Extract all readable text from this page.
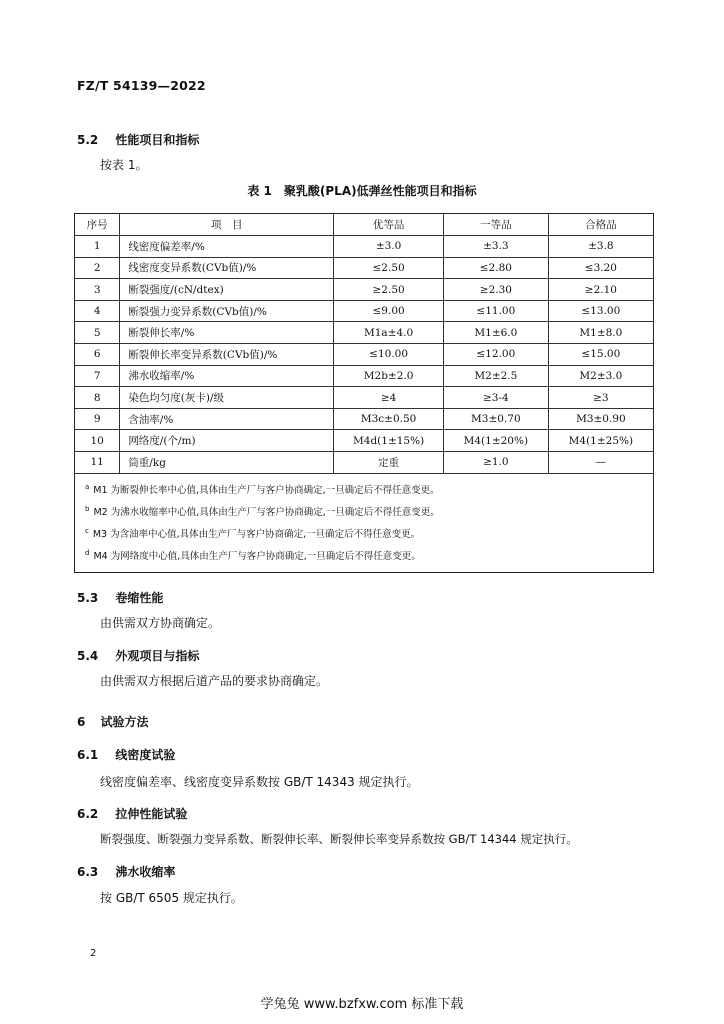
FZ/T 54139—2022
5.2 性能项目和指标
按表 1。
表 1 聚乳酸(PLA)低弹丝性能项目和指标
序号	项　目	优等品	一等品	合格品
1	线密度偏差率/%	±3.0	±3.3	±3.8
2	线密度变异系数(CVb值)/%	≤2.50	≤2.80	≤3.20
3	断裂强度/(cN/dtex)	≥2.50	≥2.30	≥2.10
4	断裂强力变异系数(CVb值)/%	≤9.00	≤11.00	≤13.00
5	断裂伸长率/%	M1a±4.0	M1±6.0	M1±8.0
6	断裂伸长率变异系数(CVb值)/%	≤10.00	≤12.00	≤15.00
7	沸水收缩率/%	M2b±2.0	M2±2.5	M2±3.0
8	染色均匀度(灰卡)/级	≥4	≥3-4	≥3
9	含油率/%	M3c±0.50	M3±0.70	M3±0.90
10	网络度/(个/m)	M4d(1±15%)	M4(1±20%)	M4(1±25%)
11	筒重/kg	定重	≥1.0	—

$^a$ M1 为断裂伸长率中心值,具体由生产厂与客户协商确定,一旦确定后不得任意变更。
$^b$ M2 为沸水收缩率中心值,具体由生产厂与客户协商确定,一旦确定后不得任意变更。
$^c$ M3 为含油率中心值,具体由生产厂与客户协商确定,一旦确定后不得任意变更。
$^d$ M4 为网络度中心值,具体由生产厂与客户协商确定,一旦确定后不得任意变更。				
5.3 卷缩性能
由供需双方协商确定。
5.4 外观项目与指标
由供需双方根据后道产品的要求协商确定。
6 试验方法
6.1 线密度试验
线密度偏差率、线密度变异系数按 GB/T 14343 规定执行。
6.2 拉伸性能试验
断裂强度、断裂强力变异系数、断裂伸长率、断裂伸长率变异系数按 GB/T 14344 规定执行。
6.3 沸水收缩率
按 GB/T 6505 规定执行。
2
学兔兔 www.bzfxw.com 标准下载
